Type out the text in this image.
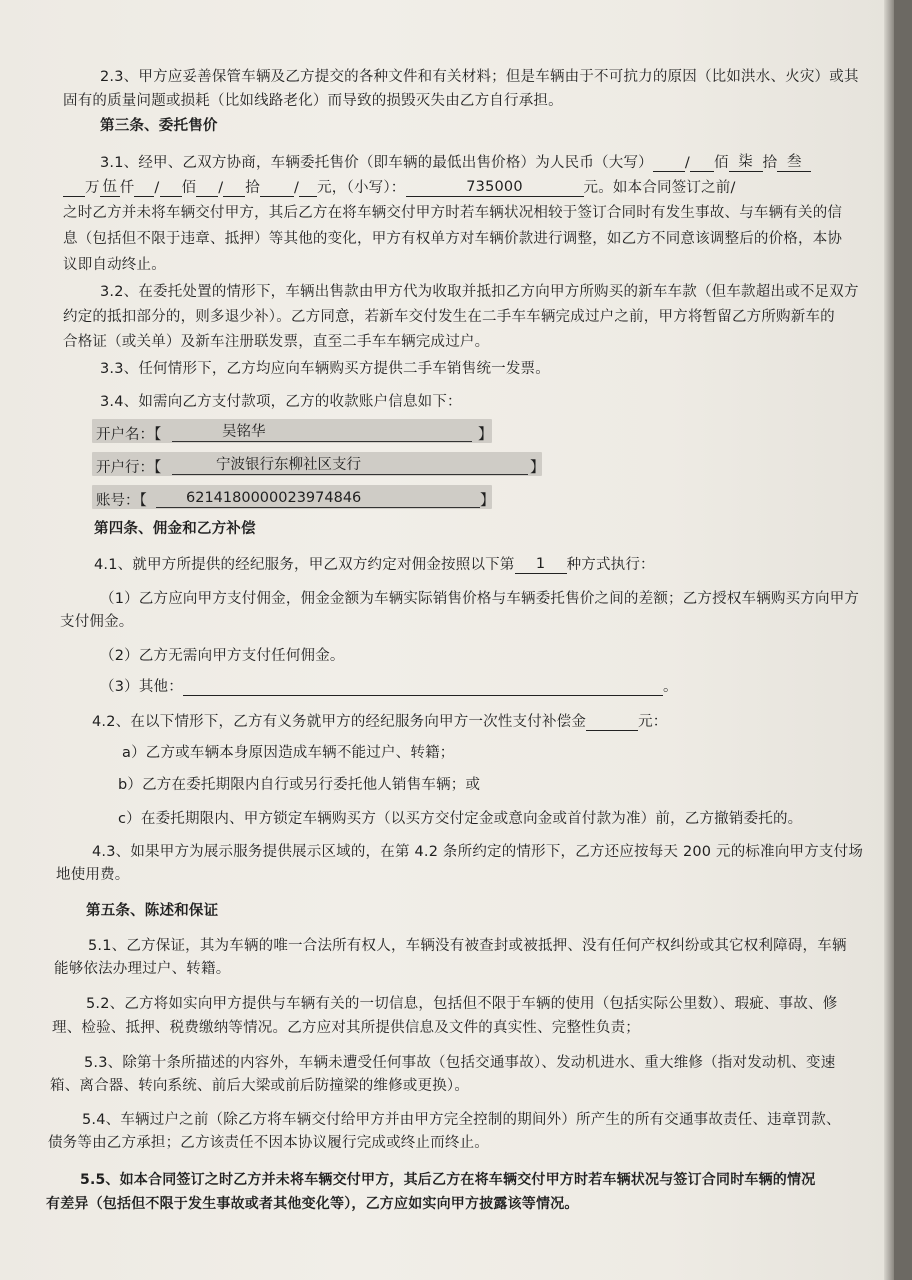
2.3、甲方应妥善保管车辆及乙方提交的各种文件和有关材料；但是车辆由于不可抗力的原因（比如洪水、火灾）或其
固有的质量问题或损耗（比如线路老化）而导致的损毁灭失由乙方自行承担。
第三条、委托售价
3.1、经甲、乙双方协商，车辆委托售价（即车辆的最低出售价格）为人民币（大写） / 佰 柒 拾 叁
万 伍 仟 / 佰 / 拾 / 元，（小写）：	735000	元。如本合同签订之前/
之时乙方并未将车辆交付甲方，其后乙方在将车辆交付甲方时若车辆状况相较于签订合同时有发生事故、与车辆有关的信
息（包括但不限于违章、抵押）等其他的变化，甲方有权单方对车辆价款进行调整，如乙方不同意该调整后的价格，本协
议即自动终止。
3.2、在委托处置的情形下，车辆出售款由甲方代为收取并抵扣乙方向甲方所购买的新车车款（但车款超出或不足双方
约定的抵扣部分的，则多退少补）。乙方同意，若新车交付发生在二手车车辆完成过户之前，甲方将暂留乙方所购新车的
合格证（或关单）及新车注册联发票，直至二手车车辆完成过户。
3.3、任何情形下，乙方均应向车辆购买方提供二手车销售统一发票。
3.4、如需向乙方支付款项，乙方的收款账户信息如下：
开户名：【	吴铭华	】
开户行：【	宁波银行东柳社区支行	】
账号：【	6214180000023974846	】
第四条、佣金和乙方补偿
4.1、就甲方所提供的经纪服务，甲乙双方约定对佣金按照以下第 1 种方式执行：
（1）乙方应向甲方支付佣金，佣金金额为车辆实际销售价格与车辆委托售价之间的差额；乙方授权车辆购买方向甲方
支付佣金。
（2）乙方无需向甲方支付任何佣金。
（3）其他：	。
4.2、在以下情形下，乙方有义务就甲方的经纪服务向甲方一次性支付补偿金	元：
a）乙方或车辆本身原因造成车辆不能过户、转籍；
b）乙方在委托期限内自行或另行委托他人销售车辆；或
c）在委托期限内、甲方锁定车辆购买方（以买方交付定金或意向金或首付款为准）前，乙方撤销委托的。
4.3、如果甲方为展示服务提供展示区域的，在第 4.2 条所约定的情形下，乙方还应按每天 200 元的标准向甲方支付场
地使用费。
第五条、陈述和保证
5.1、乙方保证，其为车辆的唯一合法所有权人，车辆没有被查封或被抵押、没有任何产权纠纷或其它权利障碍，车辆
能够依法办理过户、转籍。
5.2、乙方将如实向甲方提供与车辆有关的一切信息，包括但不限于车辆的使用（包括实际公里数）、瑕疵、事故、修
理、检验、抵押、税费缴纳等情况。乙方应对其所提供信息及文件的真实性、完整性负责；
5.3、除第十条所描述的内容外，车辆未遭受任何事故（包括交通事故）、发动机进水、重大维修（指对发动机、变速
箱、离合器、转向系统、前后大梁或前后防撞梁的维修或更换）。
5.4、车辆过户之前（除乙方将车辆交付给甲方并由甲方完全控制的期间外）所产生的所有交通事故责任、违章罚款、
债务等由乙方承担；乙方该责任不因本协议履行完成或终止而终止。
5.5、如本合同签订之时乙方并未将车辆交付甲方，其后乙方在将车辆交付甲方时若车辆状况与签订合同时车辆的情况
有差异（包括但不限于发生事故或者其他变化等），乙方应如实向甲方披露该等情况。
